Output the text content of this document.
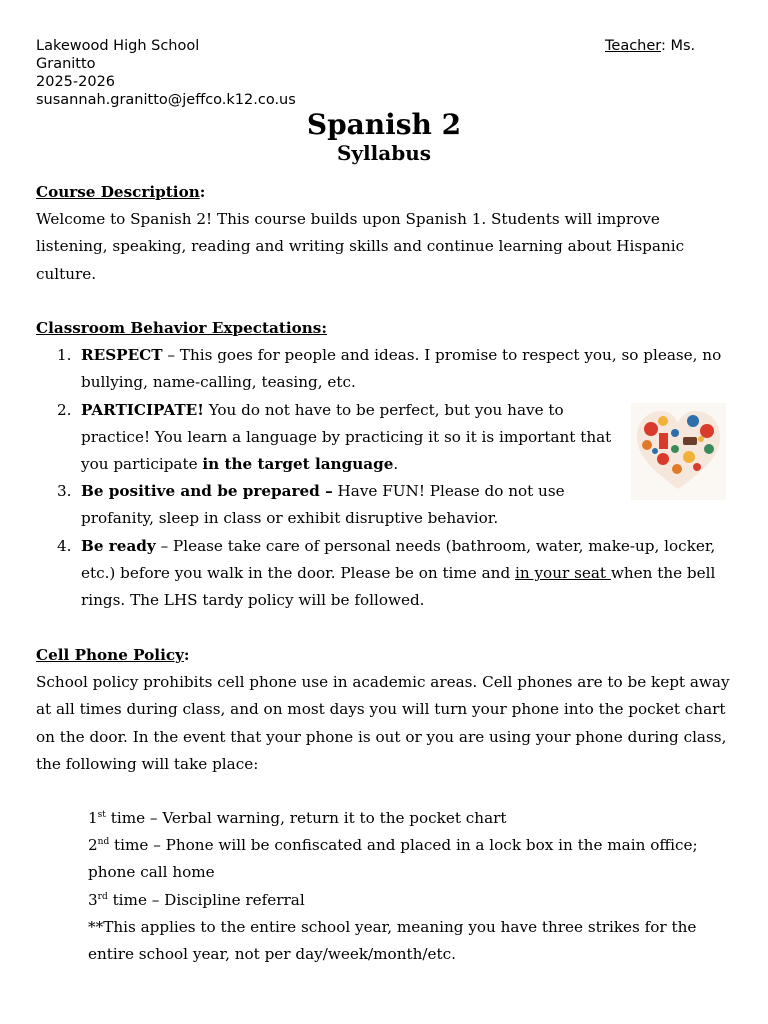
Lakewood High School
Granitto
2025-2026
susannah.granitto@jeffco.k12.co.us
Teacher: Ms.
Spanish 2
Syllabus
Course Description:
Welcome to Spanish 2! This course builds upon Spanish 1. Students will improve listening, speaking, reading and writing skills and continue learning about Hispanic culture.
Classroom Behavior Expectations:
1. RESPECT – This goes for people and ideas. I promise to respect you, so please, no bullying, name-calling, teasing, etc.
2. PARTICIPATE! You do not have to be perfect, but you have to practice! You learn a language by practicing it so it is important that you participate in the target language.
3. Be positive and be prepared – Have FUN! Please do not use profanity, sleep in class or exhibit disruptive behavior.
4. Be ready – Please take care of personal needs (bathroom, water, make-up, locker, etc.) before you walk in the door. Please be on time and in your seat when the bell rings. The LHS tardy policy will be followed.
Cell Phone Policy:
School policy prohibits cell phone use in academic areas. Cell phones are to be kept away at all times during class, and on most days you will turn your phone into the pocket chart on the door. In the event that your phone is out or you are using your phone during class, the following will take place:
1st time – Verbal warning, return it to the pocket chart
2nd time – Phone will be confiscated and placed in a lock box in the main office; phone call home
3rd time – Discipline referral
**This applies to the entire school year, meaning you have three strikes for the entire school year, not per day/week/month/etc.
